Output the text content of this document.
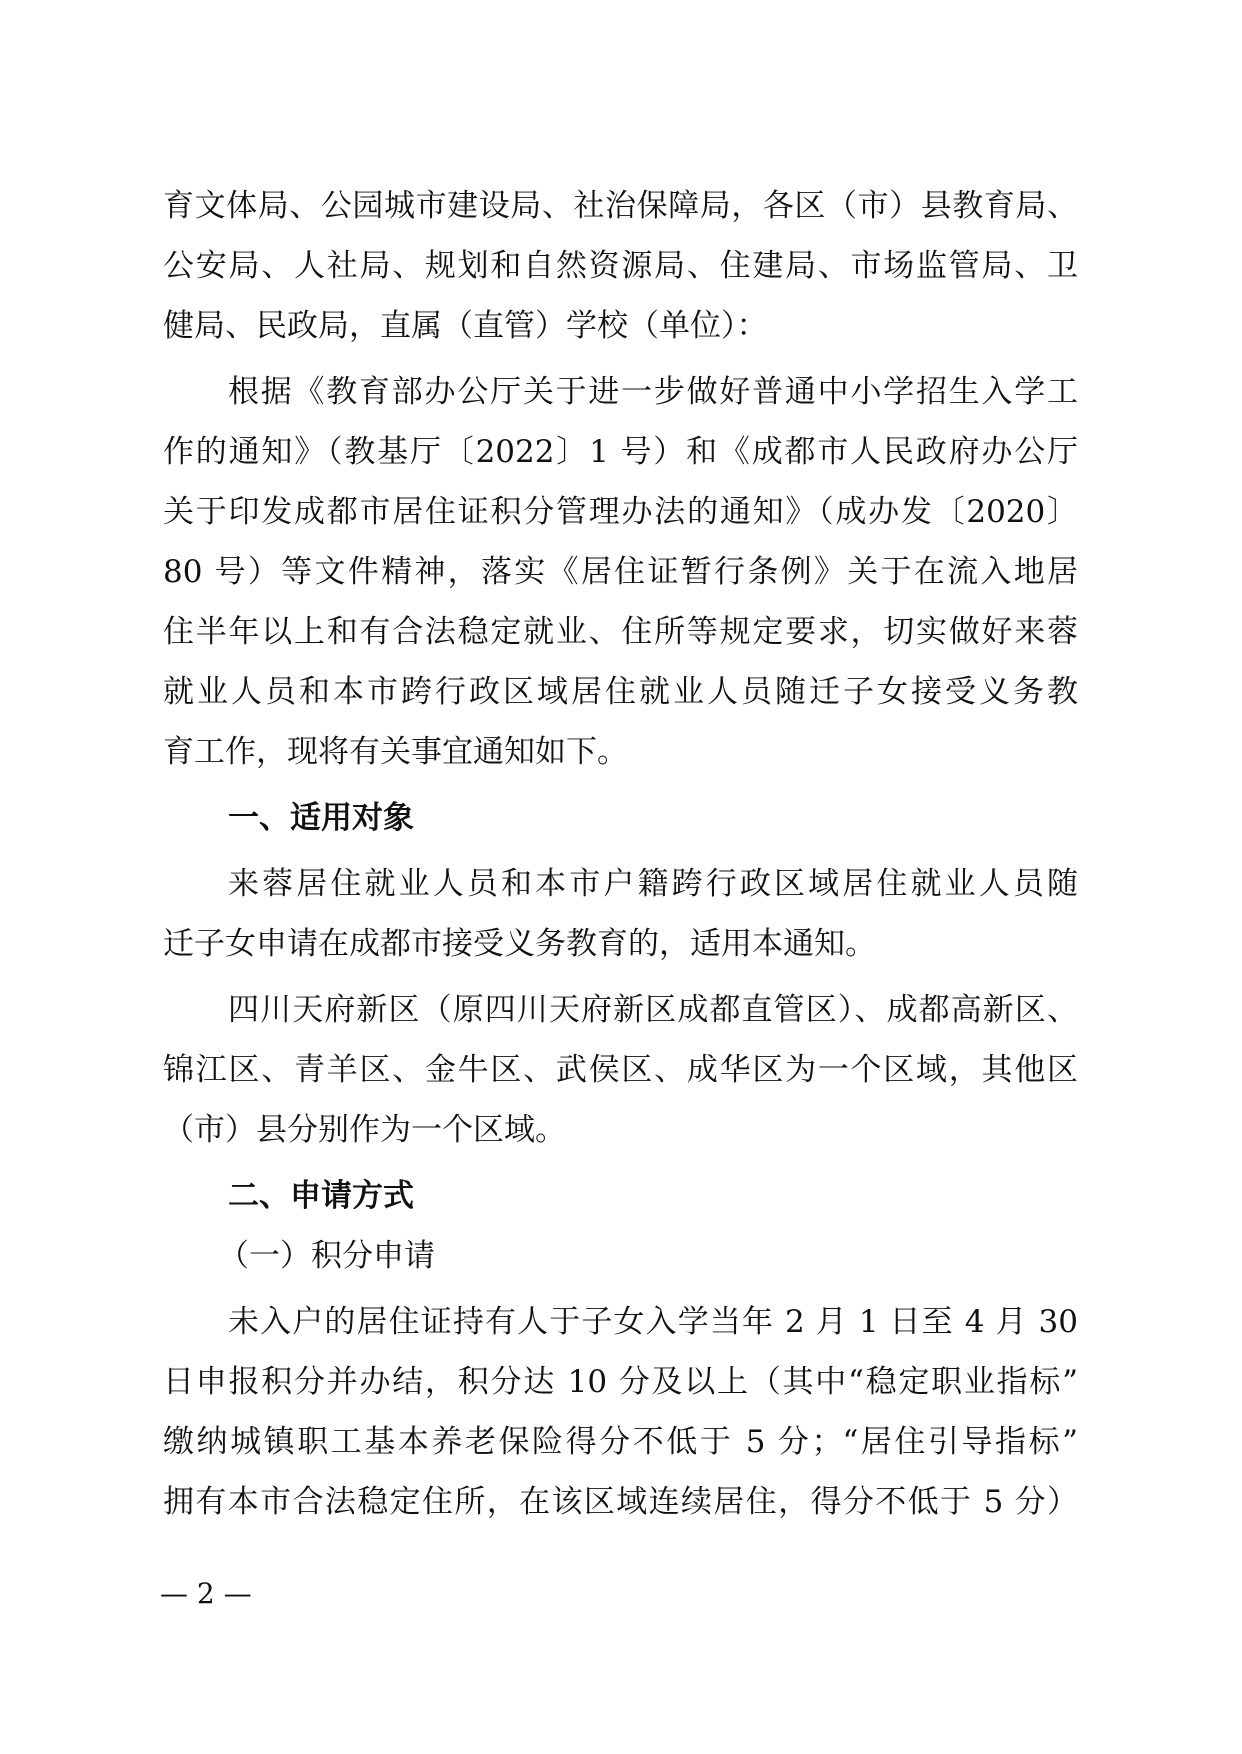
育文体局、公园城市建设局、社治保障局，各区（市）县教育局、
公安局、人社局、规划和自然资源局、住建局、市场监管局、卫
健局、民政局，直属（直管）学校（单位）：
根据《教育部办公厅关于进一步做好普通中小学招生入学工
作的通知》（教基厅〔2022〕1 号）和《成都市人民政府办公厅
关于印发成都市居住证积分管理办法的通知》（成办发〔2020〕
80 号）等文件精神，落实《居住证暂行条例》关于在流入地居
住半年以上和有合法稳定就业、住所等规定要求，切实做好来蓉
就业人员和本市跨行政区域居住就业人员随迁子女接受义务教
育工作，现将有关事宜通知如下。
一、适用对象
来蓉居住就业人员和本市户籍跨行政区域居住就业人员随
迁子女申请在成都市接受义务教育的，适用本通知。
四川天府新区（原四川天府新区成都直管区）、成都高新区、
锦江区、青羊区、金牛区、武侯区、成华区为一个区域，其他区
（市）县分别作为一个区域。
二、申请方式
（一）积分申请
未入户的居住证持有人于子女入学当年 2 月 1 日至 4 月 30
日申报积分并办结，积分达 10 分及以上（其中“稳定职业指标”
缴纳城镇职工基本养老保险得分不低于 5 分；“居住引导指标”
拥有本市合法稳定住所，在该区域连续居住，得分不低于 5 分）
— 2 —
